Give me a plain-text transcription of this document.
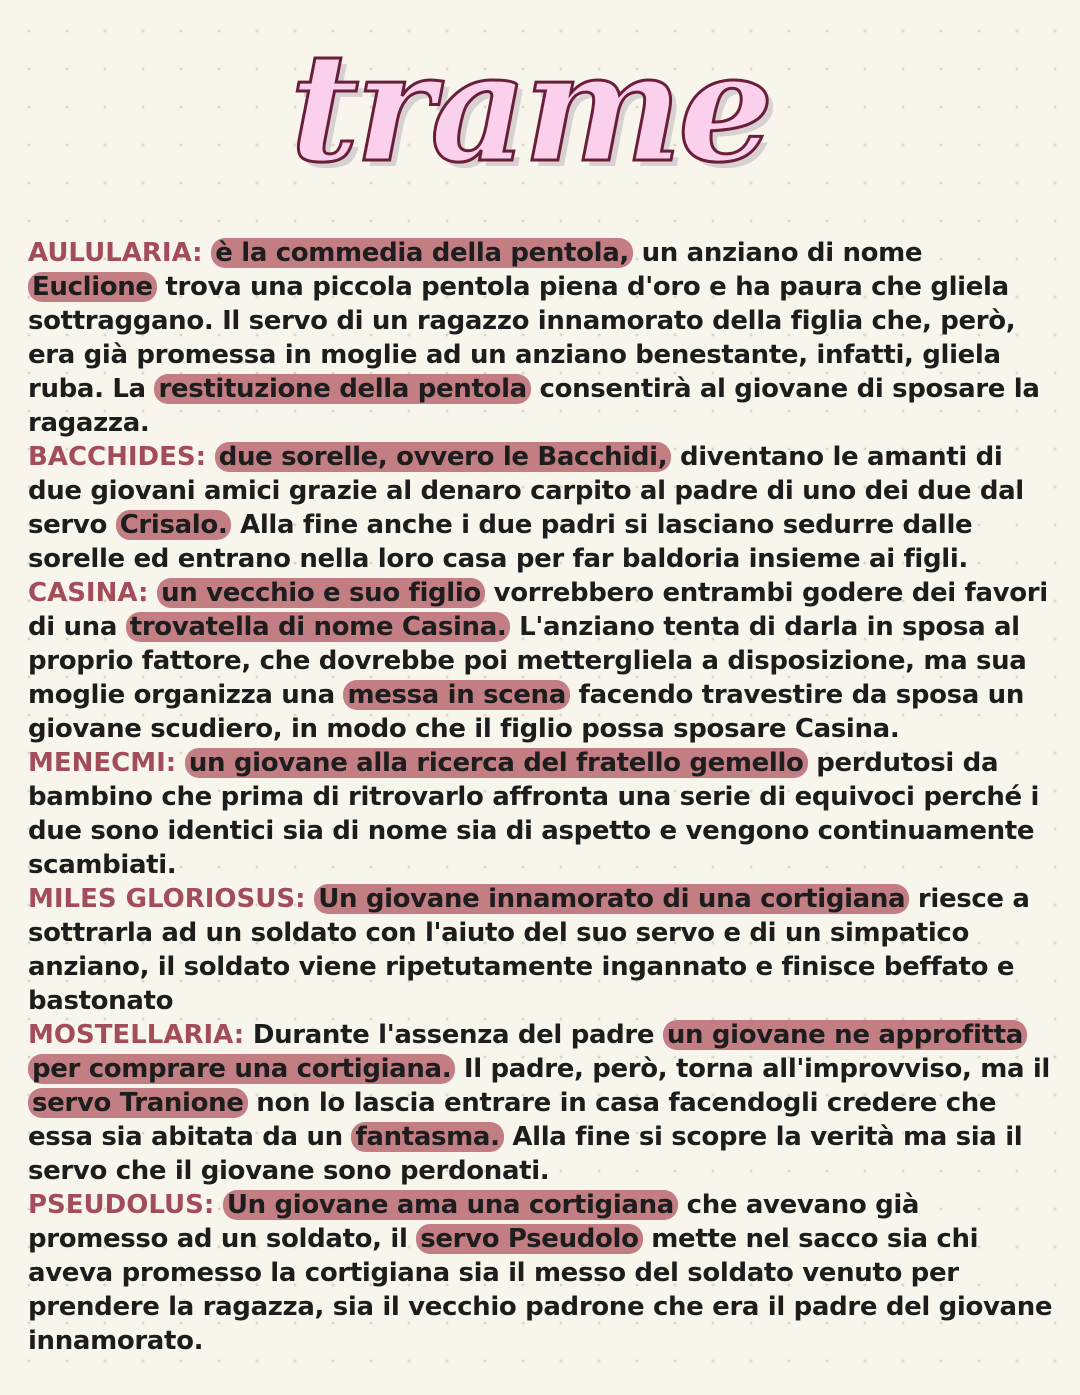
trame

AULULARIA: è la commedia della pentola, un anziano di nome Euclione trova una piccola pentola piena d'oro e ha paura che gliela sottraggano. Il servo di un ragazzo innamorato della figlia che, però, era già promessa in moglie ad un anziano benestante, infatti, gliela ruba. La restituzione della pentola consentirà al giovane di sposare la ragazza.

BACCHIDES: due sorelle, ovvero le Bacchidi, diventano le amanti di due giovani amici grazie al denaro carpito al padre di uno dei due dal servo Crisalo. Alla fine anche i due padri si lasciano sedurre dalle sorelle ed entrano nella loro casa per far baldoria insieme ai figli.

CASINA: un vecchio e suo figlio vorrebbero entrambi godere dei favori di una trovatella di nome Casina. L'anziano tenta di darla in sposa al proprio fattore, che dovrebbe poi mettergliela a disposizione, ma sua moglie organizza una messa in scena facendo travestire da sposa un giovane scudiero, in modo che il figlio possa sposare Casina.

MENECMI: un giovane alla ricerca del fratello gemello perdutosi da bambino che prima di ritrovarlo affronta una serie di equivoci perché i due sono identici sia di nome sia di aspetto e vengono continuamente scambiati.

MILES GLORIOSUS: Un giovane innamorato di una cortigiana riesce a sottrarla ad un soldato con l'aiuto del suo servo e di un simpatico anziano, il soldato viene ripetutamente ingannato e finisce beffato e bastonato

MOSTELLARIA: Durante l'assenza del padre un giovane ne approfitta per comprare una cortigiana. Il padre, però, torna all'improvviso, ma il servo Tranione non lo lascia entrare in casa facendogli credere che essa sia abitata da un fantasma. Alla fine si scopre la verità ma sia il servo che il giovane sono perdonati.

PSEUDOLUS: Un giovane ama una cortigiana che avevano già promesso ad un soldato, il servo Pseudolo mette nel sacco sia chi aveva promesso la cortigiana sia il messo del soldato venuto per prendere la ragazza, sia il vecchio padrone che era il padre del giovane innamorato.
